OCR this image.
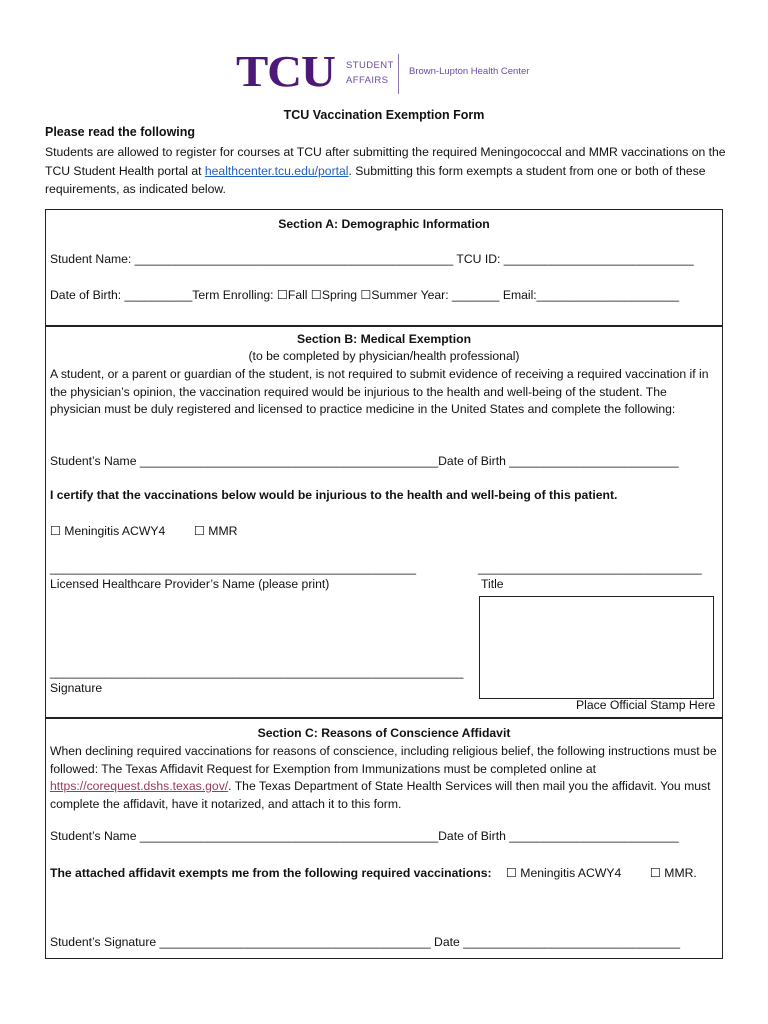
TCU STUDENT
AFFAIRS
Brown-Lupton Health Center
TCU Vaccination Exemption Form
Please read the following
Students are allowed to register for courses at TCU after submitting the required Meningococcal and MMR vaccinations on the TCU Student Health portal at healthcenter.tcu.edu/portal. Submitting this form exempts a student from one or both of these requirements, as indicated below.
Section A: Demographic Information
Student Name: _______________________________________________ TCU ID: ____________________________
Date of Birth: __________Term Enrolling: ☐Fall ☐Spring ☐Summer Year: _______ Email:_____________________
Section B: Medical Exemption
(to be completed by physician/health professional)
A student, or a parent or guardian of the student, is not required to submit evidence of receiving a required vaccination if in the physician’s opinion, the vaccination required would be injurious to the health and well-being of the student. The physician must be duly registered and licensed to practice medicine in the United States and complete the following:
Student’s Name ____________________________________________Date of Birth _________________________
I certify that the vaccinations below would be injurious to the health and well-being of this patient.
☐ Meningitis ACWY4 ☐ MMR
______________________________________________________	_________________________________
Licensed Healthcare Provider’s Name (please print)	Title
_____________________________________________________________
Signature
Place Official Stamp Here
Section C: Reasons of Conscience Affidavit
When declining required vaccinations for reasons of conscience, including religious belief, the following instructions must be followed: The Texas Affidavit Request for Exemption from Immunizations must be completed online at https://corequest.dshs.texas.gov/. The Texas Department of State Health Services will then mail you the affidavit. You must complete the affidavit, have it notarized, and attach it to this form.
Student’s Name ____________________________________________Date of Birth _________________________
The attached affidavit exempts me from the following required vaccinations: ☐ Meningitis ACWY4 ☐ MMR.
Student’s Signature ________________________________________ Date ________________________________
